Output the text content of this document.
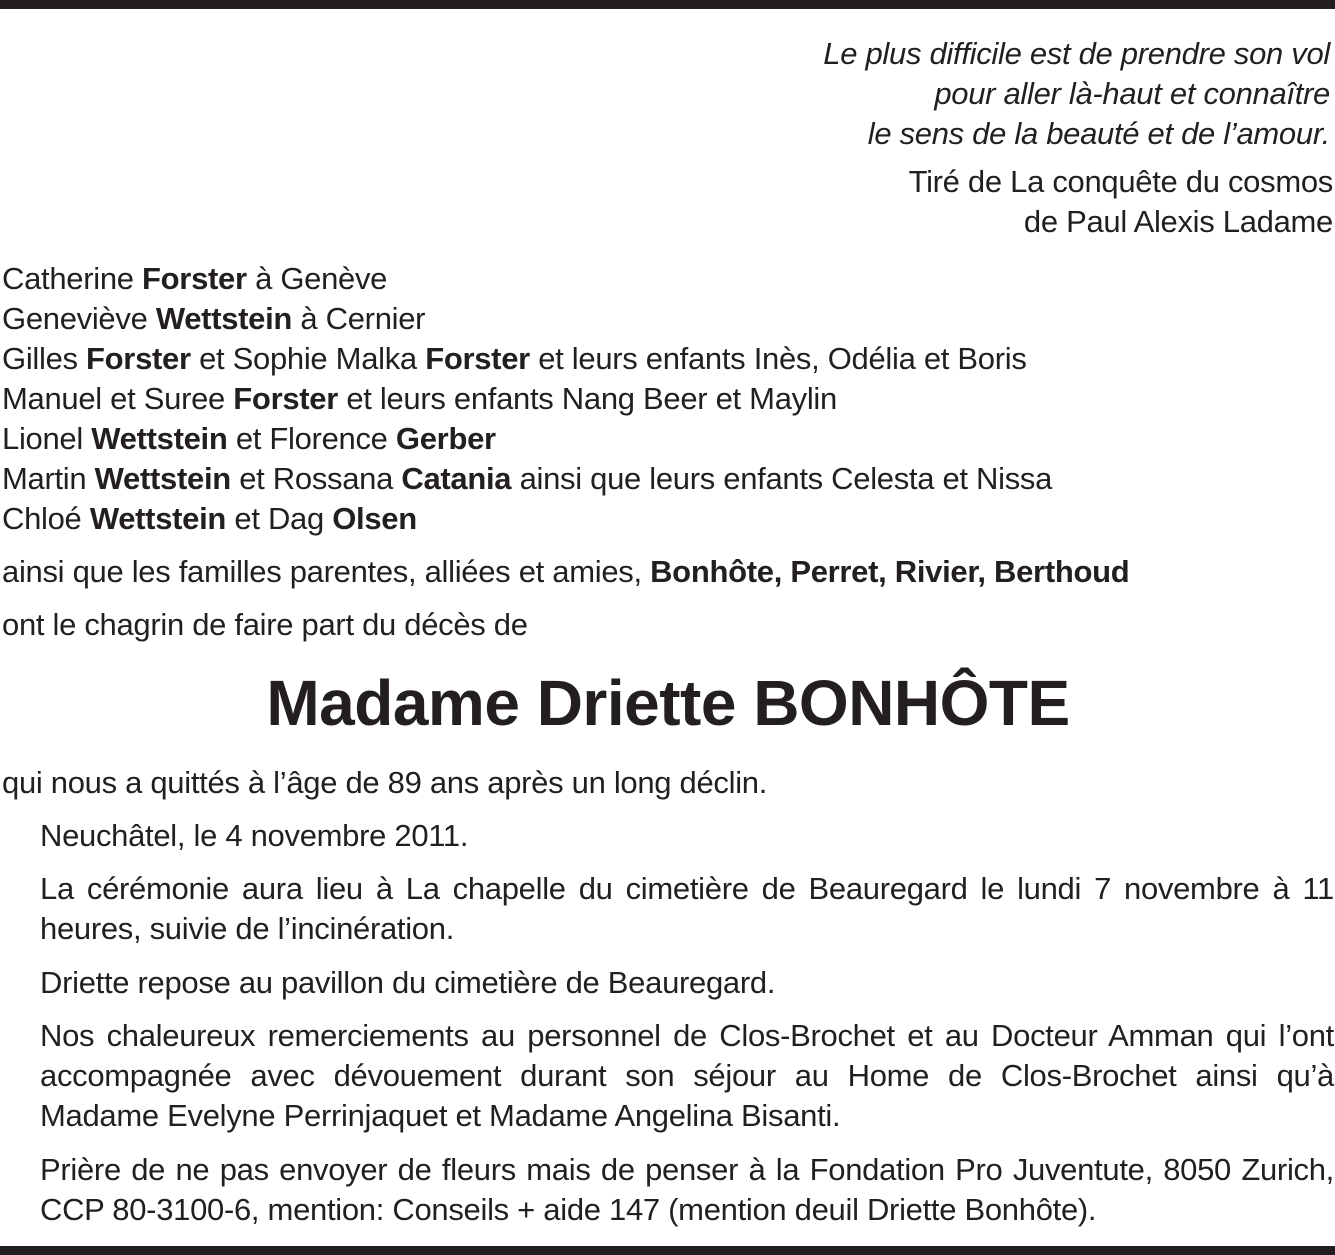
Le plus difficile est de prendre son vol
pour aller là-haut et connaître
le sens de la beauté et de l’amour.
Tiré de La conquête du cosmos
de Paul Alexis Ladame
Catherine Forster à Genève
Geneviève Wettstein à Cernier
Gilles Forster et Sophie Malka Forster et leurs enfants Inès, Odélia et Boris
Manuel et Suree Forster et leurs enfants Nang Beer et Maylin
Lionel Wettstein et Florence Gerber
Martin Wettstein et Rossana Catania ainsi que leurs enfants Celesta et Nissa
Chloé Wettstein et Dag Olsen
ainsi que les familles parentes, alliées et amies, Bonhôte, Perret, Rivier, Berthoud
ont le chagrin de faire part du décès de
Madame Driette BONHÔTE
qui nous a quittés à l’âge de 89 ans après un long déclin.
Neuchâtel, le 4 novembre 2011.
La cérémonie aura lieu à La chapelle du cimetière de Beauregard le lundi 7 novembre à 11 heures, suivie de l’incinération.
Driette repose au pavillon du cimetière de Beauregard.
Nos chaleureux remerciements au personnel de Clos-Brochet et au Docteur Amman qui l’ont accompagnée avec dévouement durant son séjour au Home de Clos-Brochet ainsi qu’à Madame Evelyne Perrinjaquet et Madame Angelina Bisanti.
Prière de ne pas envoyer de fleurs mais de penser à la Fondation Pro Juventute, 8050 Zurich, CCP 80-3100-6, mention: Conseils + aide 147 (mention deuil Driette Bonhôte).
